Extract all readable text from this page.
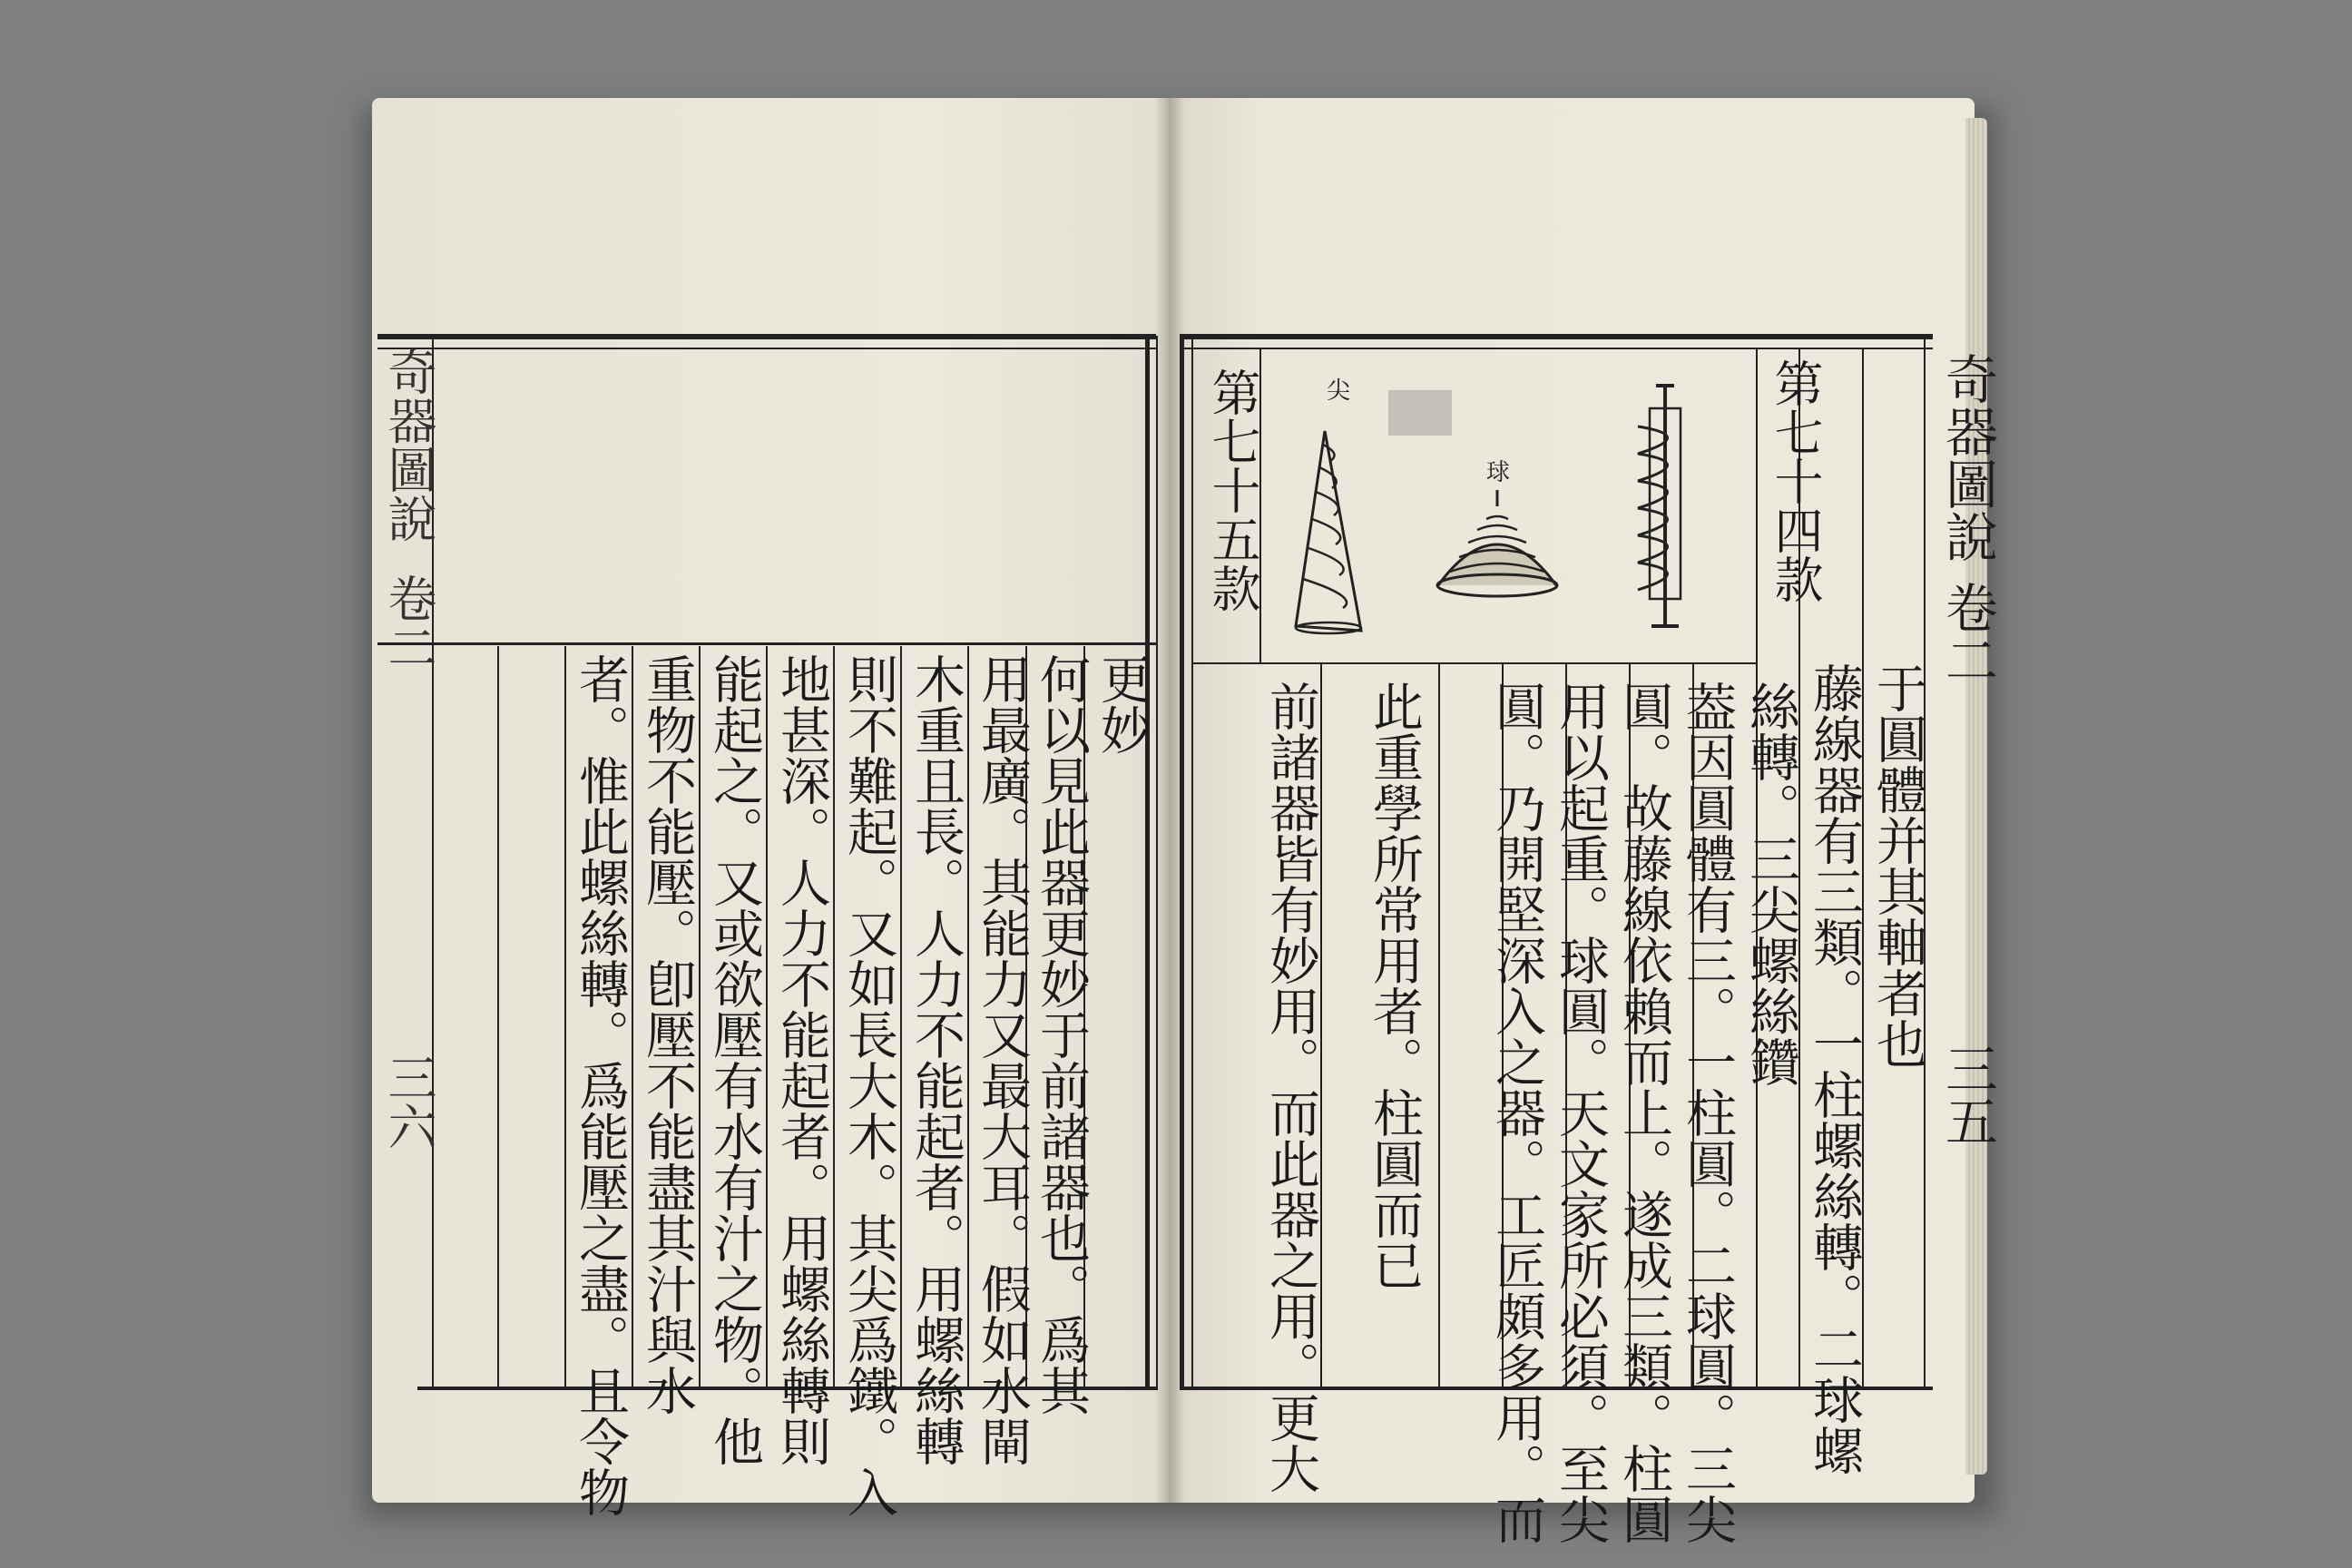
奇器圖說
卷二
三六
更妙
何以見此器更妙于前諸器也。爲其
用最廣。其能力又最大耳。假如水閘
木重且長。人力不能起者。用螺絲轉
則不難起。又如長大木。其尖爲鐵。入
地甚深。人力不能起者。用螺絲轉則
能起之。又或欲壓有水有汁之物。他
重物不能壓。卽壓不能盡其汁與水
者。惟此螺絲轉。爲能壓之盡。且令物
奇器圖說
卷二
三五
第七十四款
第七十五款	尖
球
于圓體并其軸者也
藤線器有三類。一柱螺絲轉。二球螺
絲轉。三尖螺絲鑽
葢因圓體有三。一柱圓。二球圓。三尖
圓。故藤線依賴而上。遂成三類。柱圓
用以起重。球圓。天文家所必須。至尖
圓。乃開堅深入之器。工匠頗多用。而
此重學所常用者。柱圓而已
前諸器皆有妙用。而此器之用。更大
